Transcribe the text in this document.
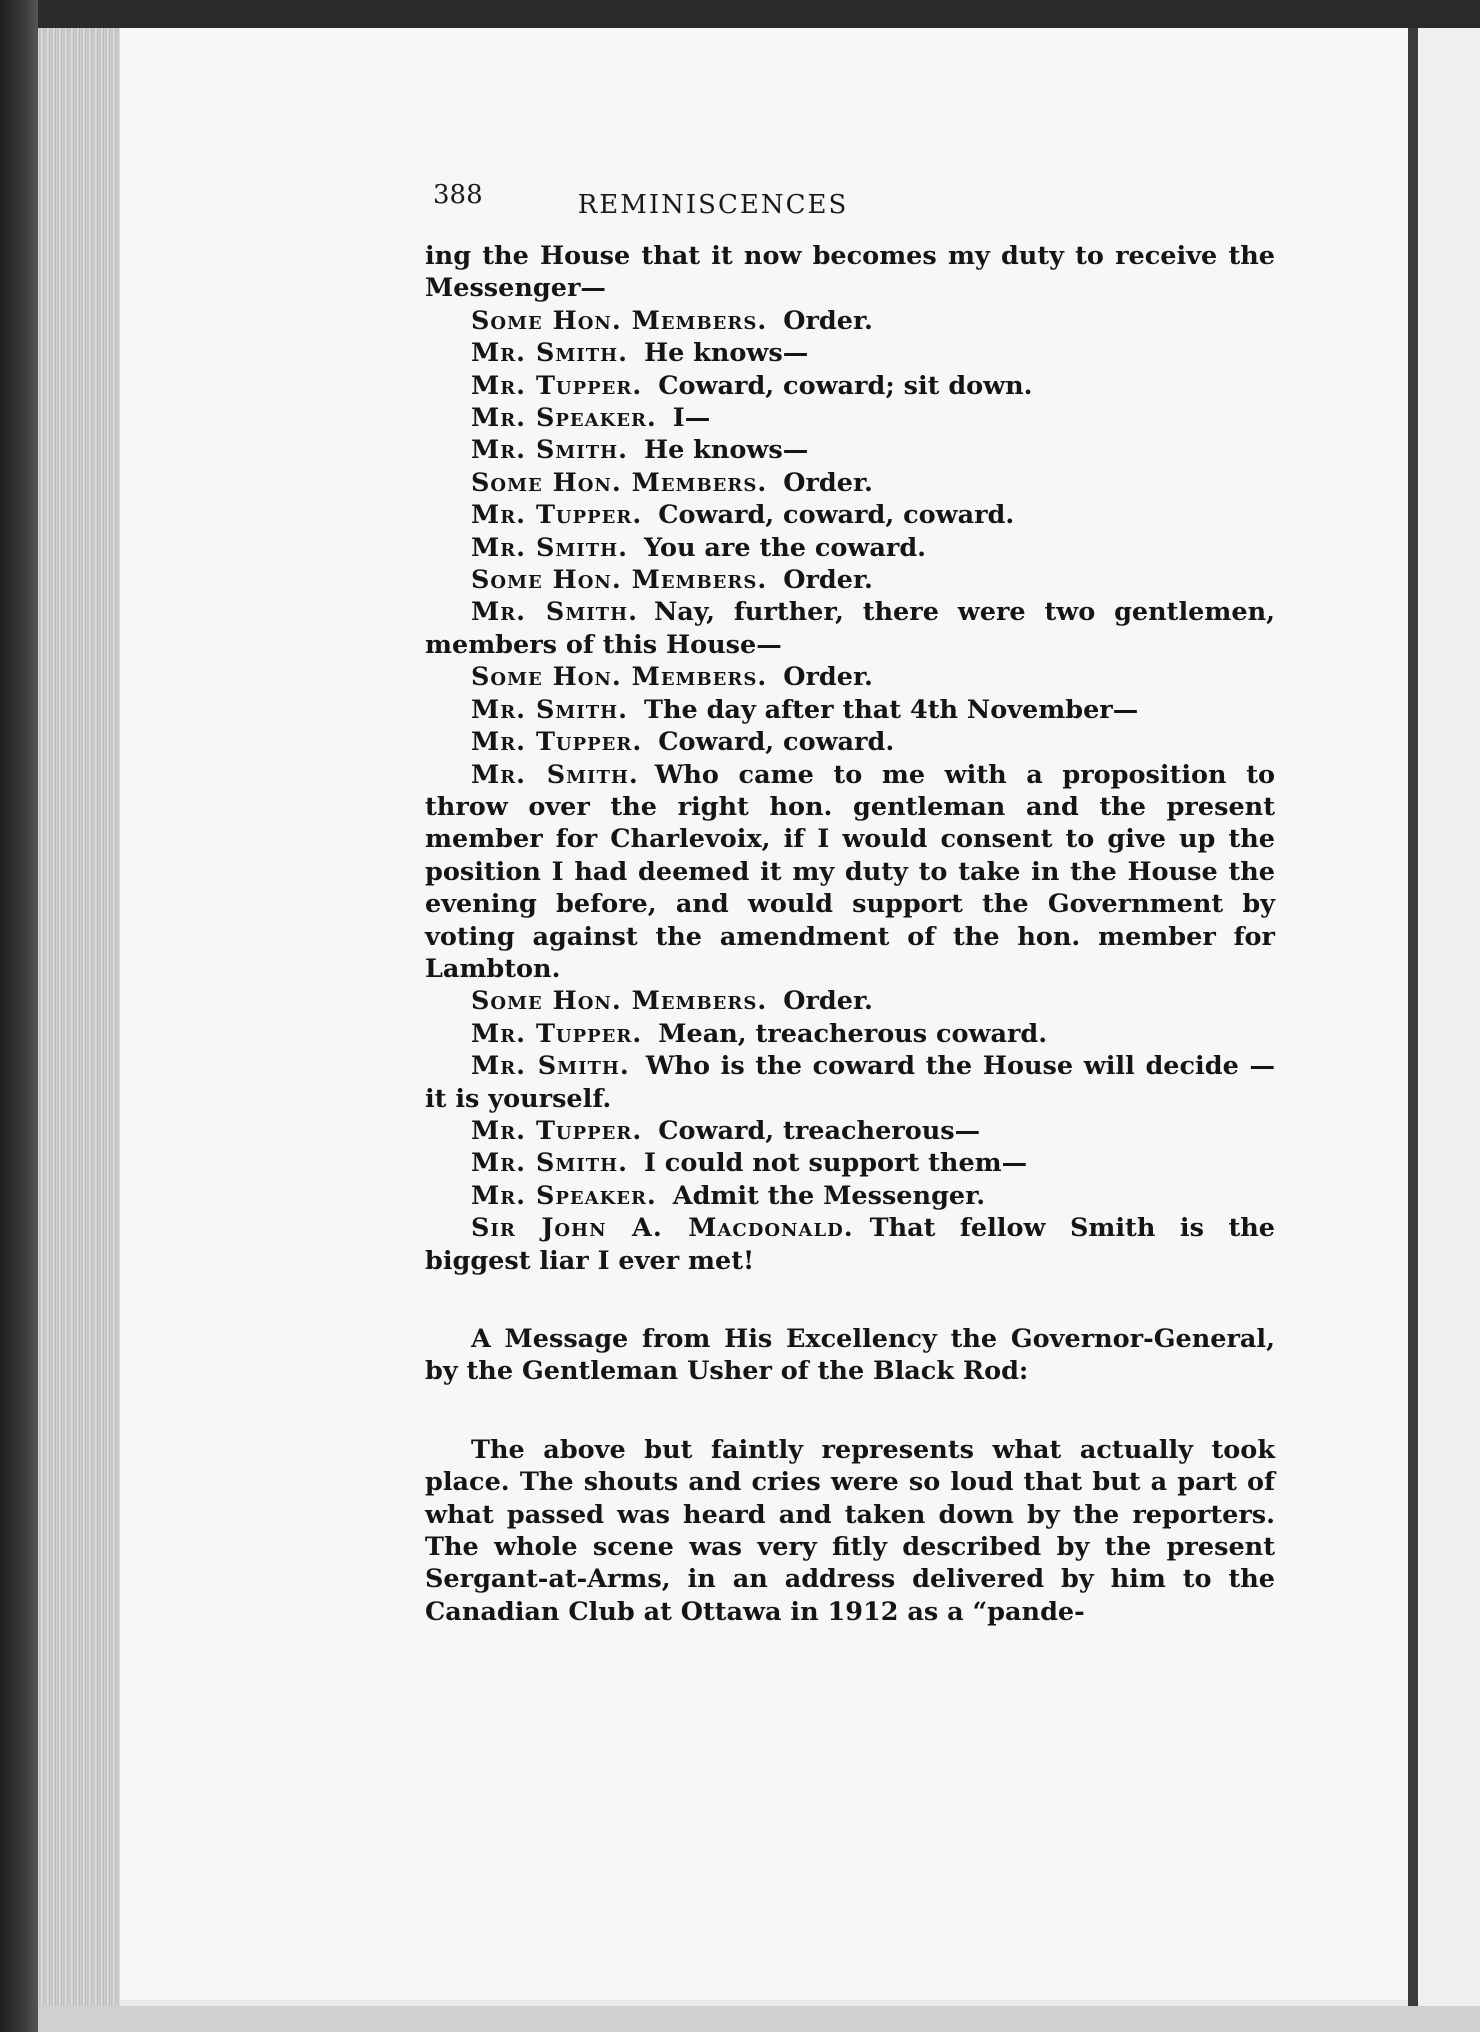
388	REMINISCENCES

ing the House that it now becomes my duty to receive the Messenger—

Some Hon. Members. Order.

Mr. Smith. He knows—

Mr. Tupper. Coward, coward; sit down.

Mr. Speaker. I—

Mr. Smith. He knows—

Some Hon. Members. Order.

Mr. Tupper. Coward, coward, coward.

Mr. Smith. You are the coward.

Some Hon. Members. Order.

Mr. Smith. Nay, further, there were two gentlemen, members of this House—

Some Hon. Members. Order.

Mr. Smith. The day after that 4th November—

Mr. Tupper. Coward, coward.

Mr. Smith. Who came to me with a proposition to throw over the right hon. gentleman and the present member for Charlevoix, if I would consent to give up the position I had deemed it my duty to take in the House the evening before, and would support the Government by voting against the amendment of the hon. member for Lambton.

Some Hon. Members. Order.

Mr. Tupper. Mean, treacherous coward.

Mr. Smith. Who is the coward the House will decide —it is yourself.

Mr. Tupper. Coward, treacherous—

Mr. Smith. I could not support them—

Mr. Speaker. Admit the Messenger.

Sir John A. Macdonald. That fellow Smith is the biggest liar I ever met!

A Message from His Excellency the Governor-General, by the Gentleman Usher of the Black Rod:

The above but faintly represents what actually took place. The shouts and cries were so loud that but a part of what passed was heard and taken down by the reporters. The whole scene was very fitly described by the present Sergant-at-Arms, in an address delivered by him to the Canadian Club at Ottawa in 1912 as a “pande-
